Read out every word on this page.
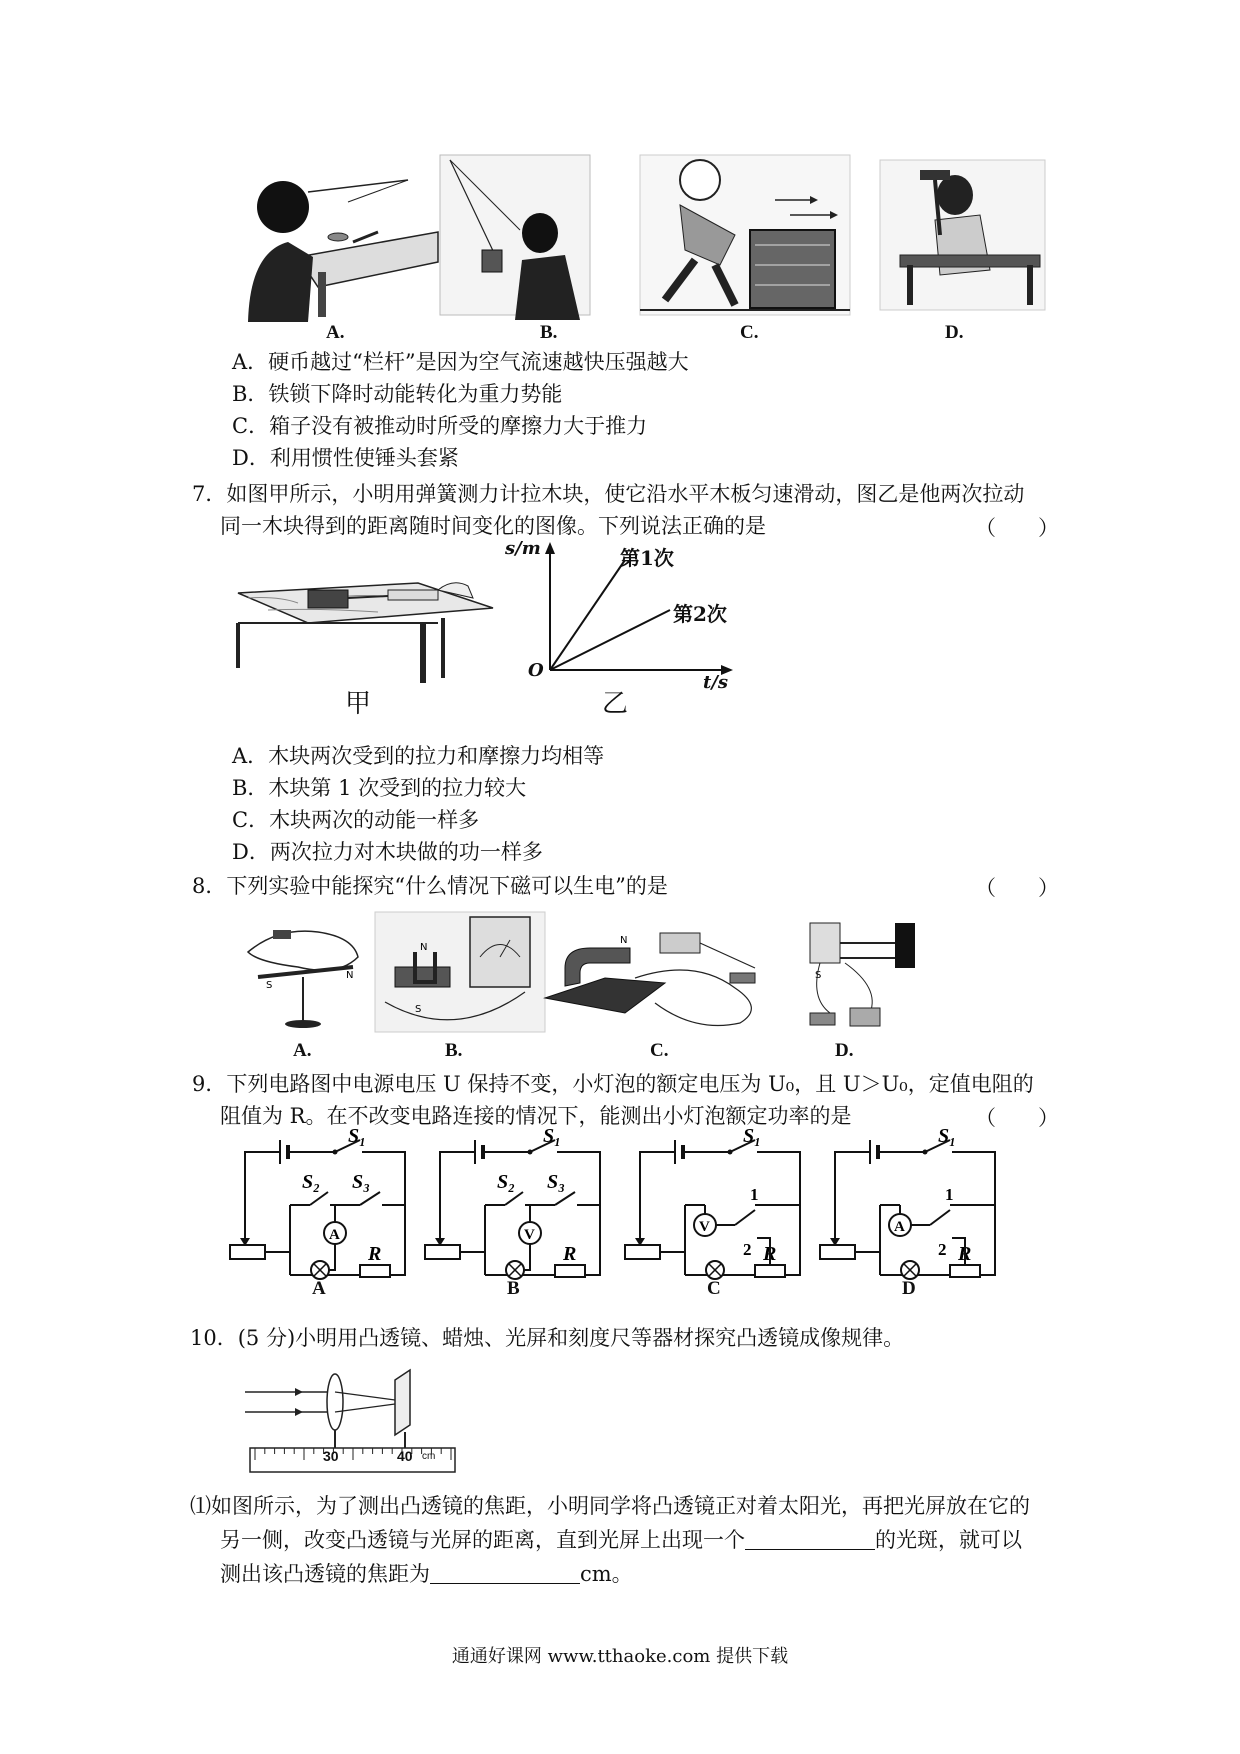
A.	B.	C.	D.
A．硬币越过“栏杆”是因为空气流速越快压强越大
B．铁锁下降时动能转化为重力势能
C．箱子没有被推动时所受的摩擦力大于推力
D．利用惯性使锤头套紧
7．如图甲所示，小明用弹簧测力计拉木块，使它沿水平木板匀速滑动，图乙是他两次拉动
同一木块得到的距离随时间变化的图像。下列说法正确的是	（　　）
甲
s/m
O
t/s
第1次
第2次
乙
A．木块两次受到的拉力和摩擦力均相等
B．木块第 1 次受到的拉力较大
C．木块两次的动能一样多
D．两次拉力对木块做的功一样多
8．下列实验中能探究“什么情况下磁可以生电”的是	（　　）
S
N
A.
N
S
B.
N
C.
S
D.
9．下列电路图中电源电压 U 保持不变，小灯泡的额定电压为 U₀，且 U＞U₀，定值电阻的
阻值为 R。在不改变电路连接的情况下，能测出小灯泡额定功率的是	（　　）
S₁
R
A
S₂ S₃
A
S₁
R
V
S₂ S₃
B
S₁
R
V
1
2
C
S₁
R
A
1
2
D
10．(5 分)小明用凸透镜、蜡烛、光屏和刻度尺等器材探究凸透镜成像规律。
30	40 cm
⑴如图所示，为了测出凸透镜的焦距，小明同学将凸透镜正对着太阳光，再把光屏放在它的
另一侧，改变凸透镜与光屏的距离，直到光屏上出现一个	的光斑，就可以
测出该凸透镜的焦距为	cm。
通通好课网 www.tthaoke.com 提供下载
